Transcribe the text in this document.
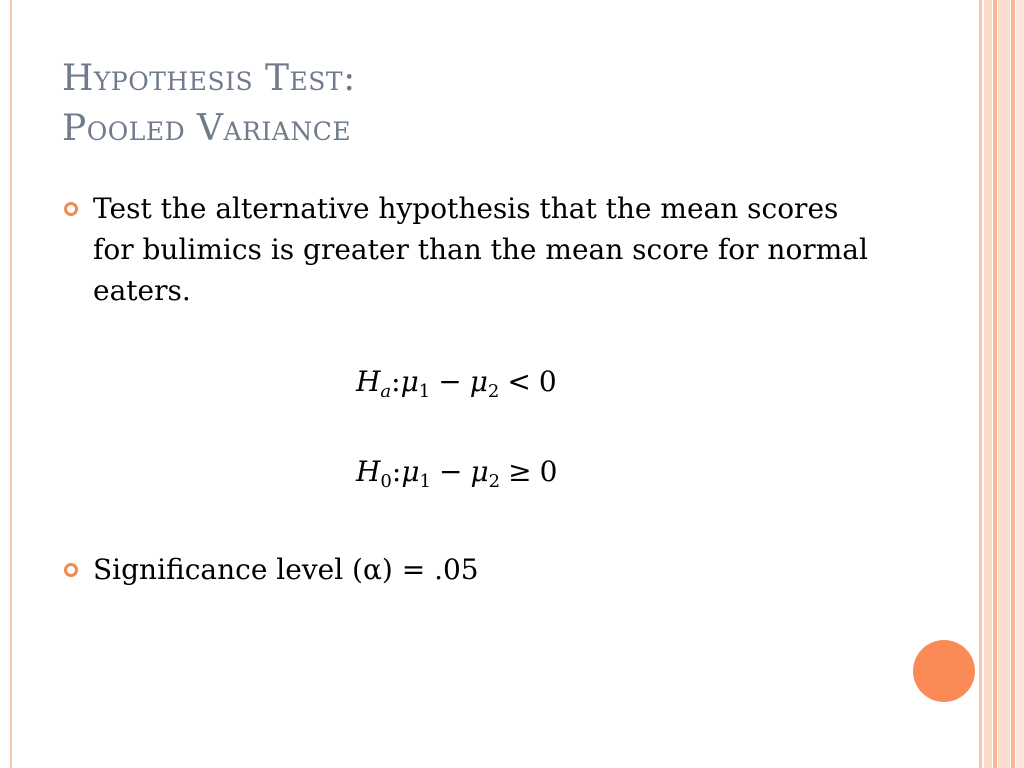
Hypothesis Test:
Pooled Variance
Test the alternative hypothesis that the mean scores for bulimics is greater than the mean score for normal eaters.
$H_a:\mu_1 - \mu_2 < 0$
$H_0:\mu_1 - \mu_2 \ge 0$
Significance level (α) = .05
